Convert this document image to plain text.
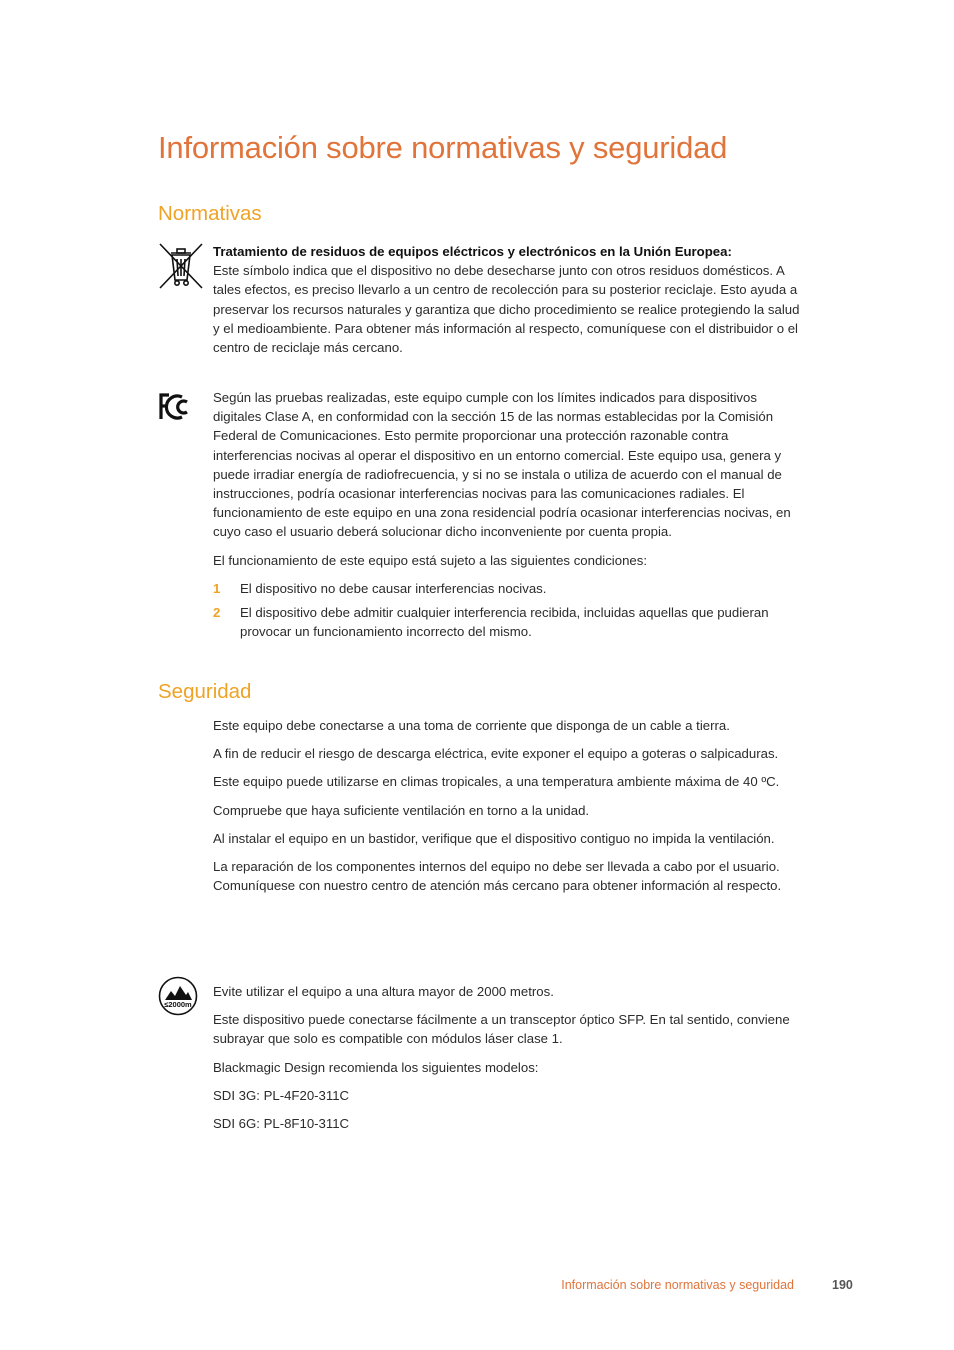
Información sobre normativas y seguridad
Normativas

Tratamiento de residuos de equipos eléctricos y electrónicos en la Unión Europea:

Este símbolo indica que el dispositivo no debe desecharse junto con otros residuos domésticos. A tales efectos, es preciso llevarlo a un centro de recolección para su posterior reciclaje. Esto ayuda a preservar los recursos naturales y garantiza que dicho procedimiento se realice protegiendo la salud y el medioambiente. Para obtener más información al respecto, comuníquese con el distribuidor o el centro de reciclaje más cercano.

Según las pruebas realizadas, este equipo cumple con los límites indicados para dispositivos digitales Clase A, en conformidad con la sección 15 de las normas establecidas por la Comisión Federal de Comunicaciones. Esto permite proporcionar una protección razonable contra interferencias nocivas al operar el dispositivo en un entorno comercial. Este equipo usa, genera y puede irradiar energía de radiofrecuencia, y si no se instala o utiliza de acuerdo con el manual de instrucciones, podría ocasionar interferencias nocivas para las comunicaciones radiales. El funcionamiento de este equipo en una zona residencial podría ocasionar interferencias nocivas, en cuyo caso el usuario deberá solucionar dicho inconveniente por cuenta propia.

El funcionamiento de este equipo está sujeto a las siguientes condiciones:

1 El dispositivo no debe causar interferencias nocivas.
2 El dispositivo debe admitir cualquier interferencia recibida, incluidas aquellas que pudieran provocar un funcionamiento incorrecto del mismo.
Seguridad

Este equipo debe conectarse a una toma de corriente que disponga de un cable a tierra.

A fin de reducir el riesgo de descarga eléctrica, evite exponer el equipo a goteras o salpicaduras.

Este equipo puede utilizarse en climas tropicales, a una temperatura ambiente máxima de 40 ºC.

Compruebe que haya suficiente ventilación en torno a la unidad.

Al instalar el equipo en un bastidor, verifique que el dispositivo contiguo no impida la ventilación.

La reparación de los componentes internos del equipo no debe ser llevada a cabo por el usuario. Comuníquese con nuestro centro de atención más cercano para obtener información al respecto.

≤2000m

Evite utilizar el equipo a una altura mayor de 2000 metros.

Este dispositivo puede conectarse fácilmente a un transceptor óptico SFP. En tal sentido, conviene subrayar que solo es compatible con módulos láser clase 1.

Blackmagic Design recomienda los siguientes modelos:

SDI 3G: PL-4F20-311C

SDI 6G: PL-8F10-311C

Información sobre normativas y seguridad	190
